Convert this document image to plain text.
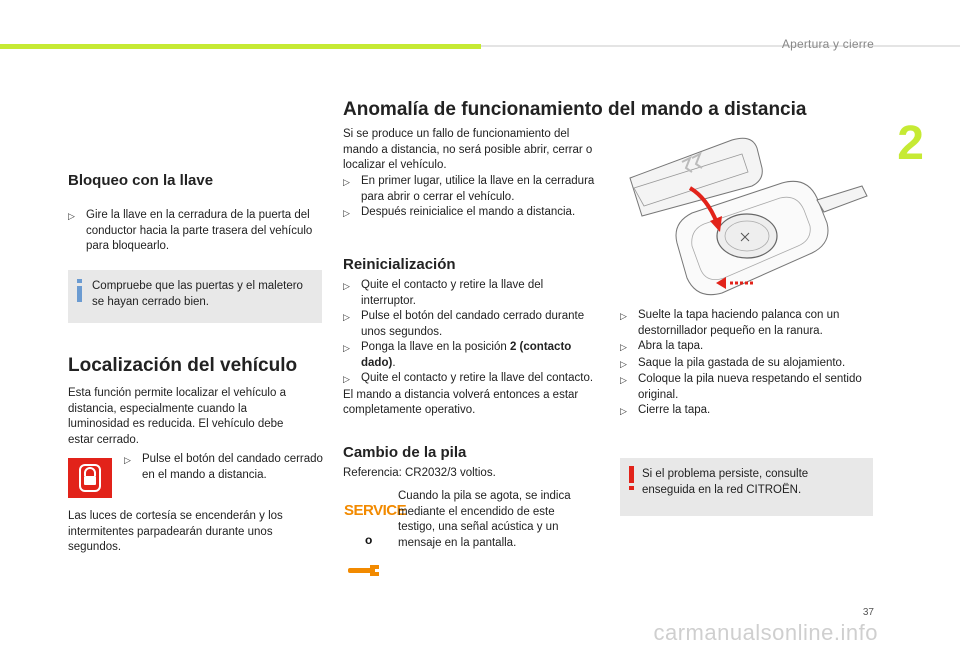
Apertura y cierre
2
Bloqueo con la llave
▷ Gire la llave en la cerradura de la puerta del conductor hacia la parte trasera del vehículo para bloquearlo.
Compruebe que las puertas y el maletero se hayan cerrado bien.
Localización del vehículo
Esta función permite localizar el vehículo a distancia, especialmente cuando la luminosidad es reducida. El vehículo debe estar cerrado.
▷ Pulse el botón del candado cerrado en el mando a distancia.
Las luces de cortesía se encenderán y los intermitentes parpadearán durante unos segundos.
Anomalía de funcionamiento del mando a distancia
Si se produce un fallo de funcionamiento del mando a distancia, no será posible abrir, cerrar o localizar el vehículo.
▷ En primer lugar, utilice la llave en la cerradura para abrir o cerrar el vehículo.
▷ Después reinicialice el mando a distancia.
Reinicialización
▷ Quite el contacto y retire la llave del interruptor.
▷ Pulse el botón del candado cerrado durante unos segundos.
▷ Ponga la llave en la posición 2 (contacto dado).
▷ Quite el contacto y retire la llave del contacto.
El mando a distancia volverá entonces a estar completamente operativo.
Cambio de la pila
Referencia: CR2032/3 voltios.
SERVICE
o
Cuando la pila se agota, se indica mediante el encendido de este testigo, una señal acústica y un mensaje en la pantalla.
▷ Suelte la tapa haciendo palanca con un destornillador pequeño en la ranura.
▷ Abra la tapa.
▷ Saque la pila gastada de su alojamiento.
▷ Coloque la pila nueva respetando el sentido original.
▷ Cierre la tapa.
Si el problema persiste, consulte enseguida en la red CITROËN.
37
carmanualsonline.info
